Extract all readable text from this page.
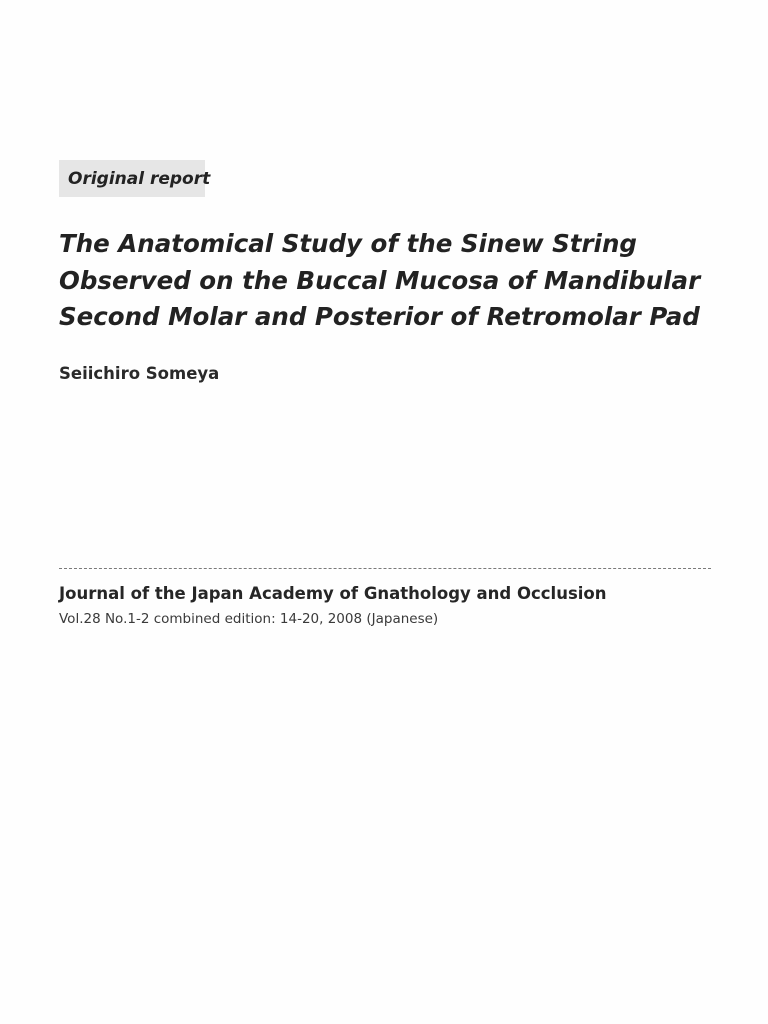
Original report
The Anatomical Study of the Sinew String
Observed on the Buccal Mucosa of Mandibular
Second Molar and Posterior of Retromolar Pad
Seiichiro Someya
Journal of the Japan Academy of Gnathology and Occlusion
Vol.28 No.1-2 combined edition: 14-20, 2008 (Japanese)
